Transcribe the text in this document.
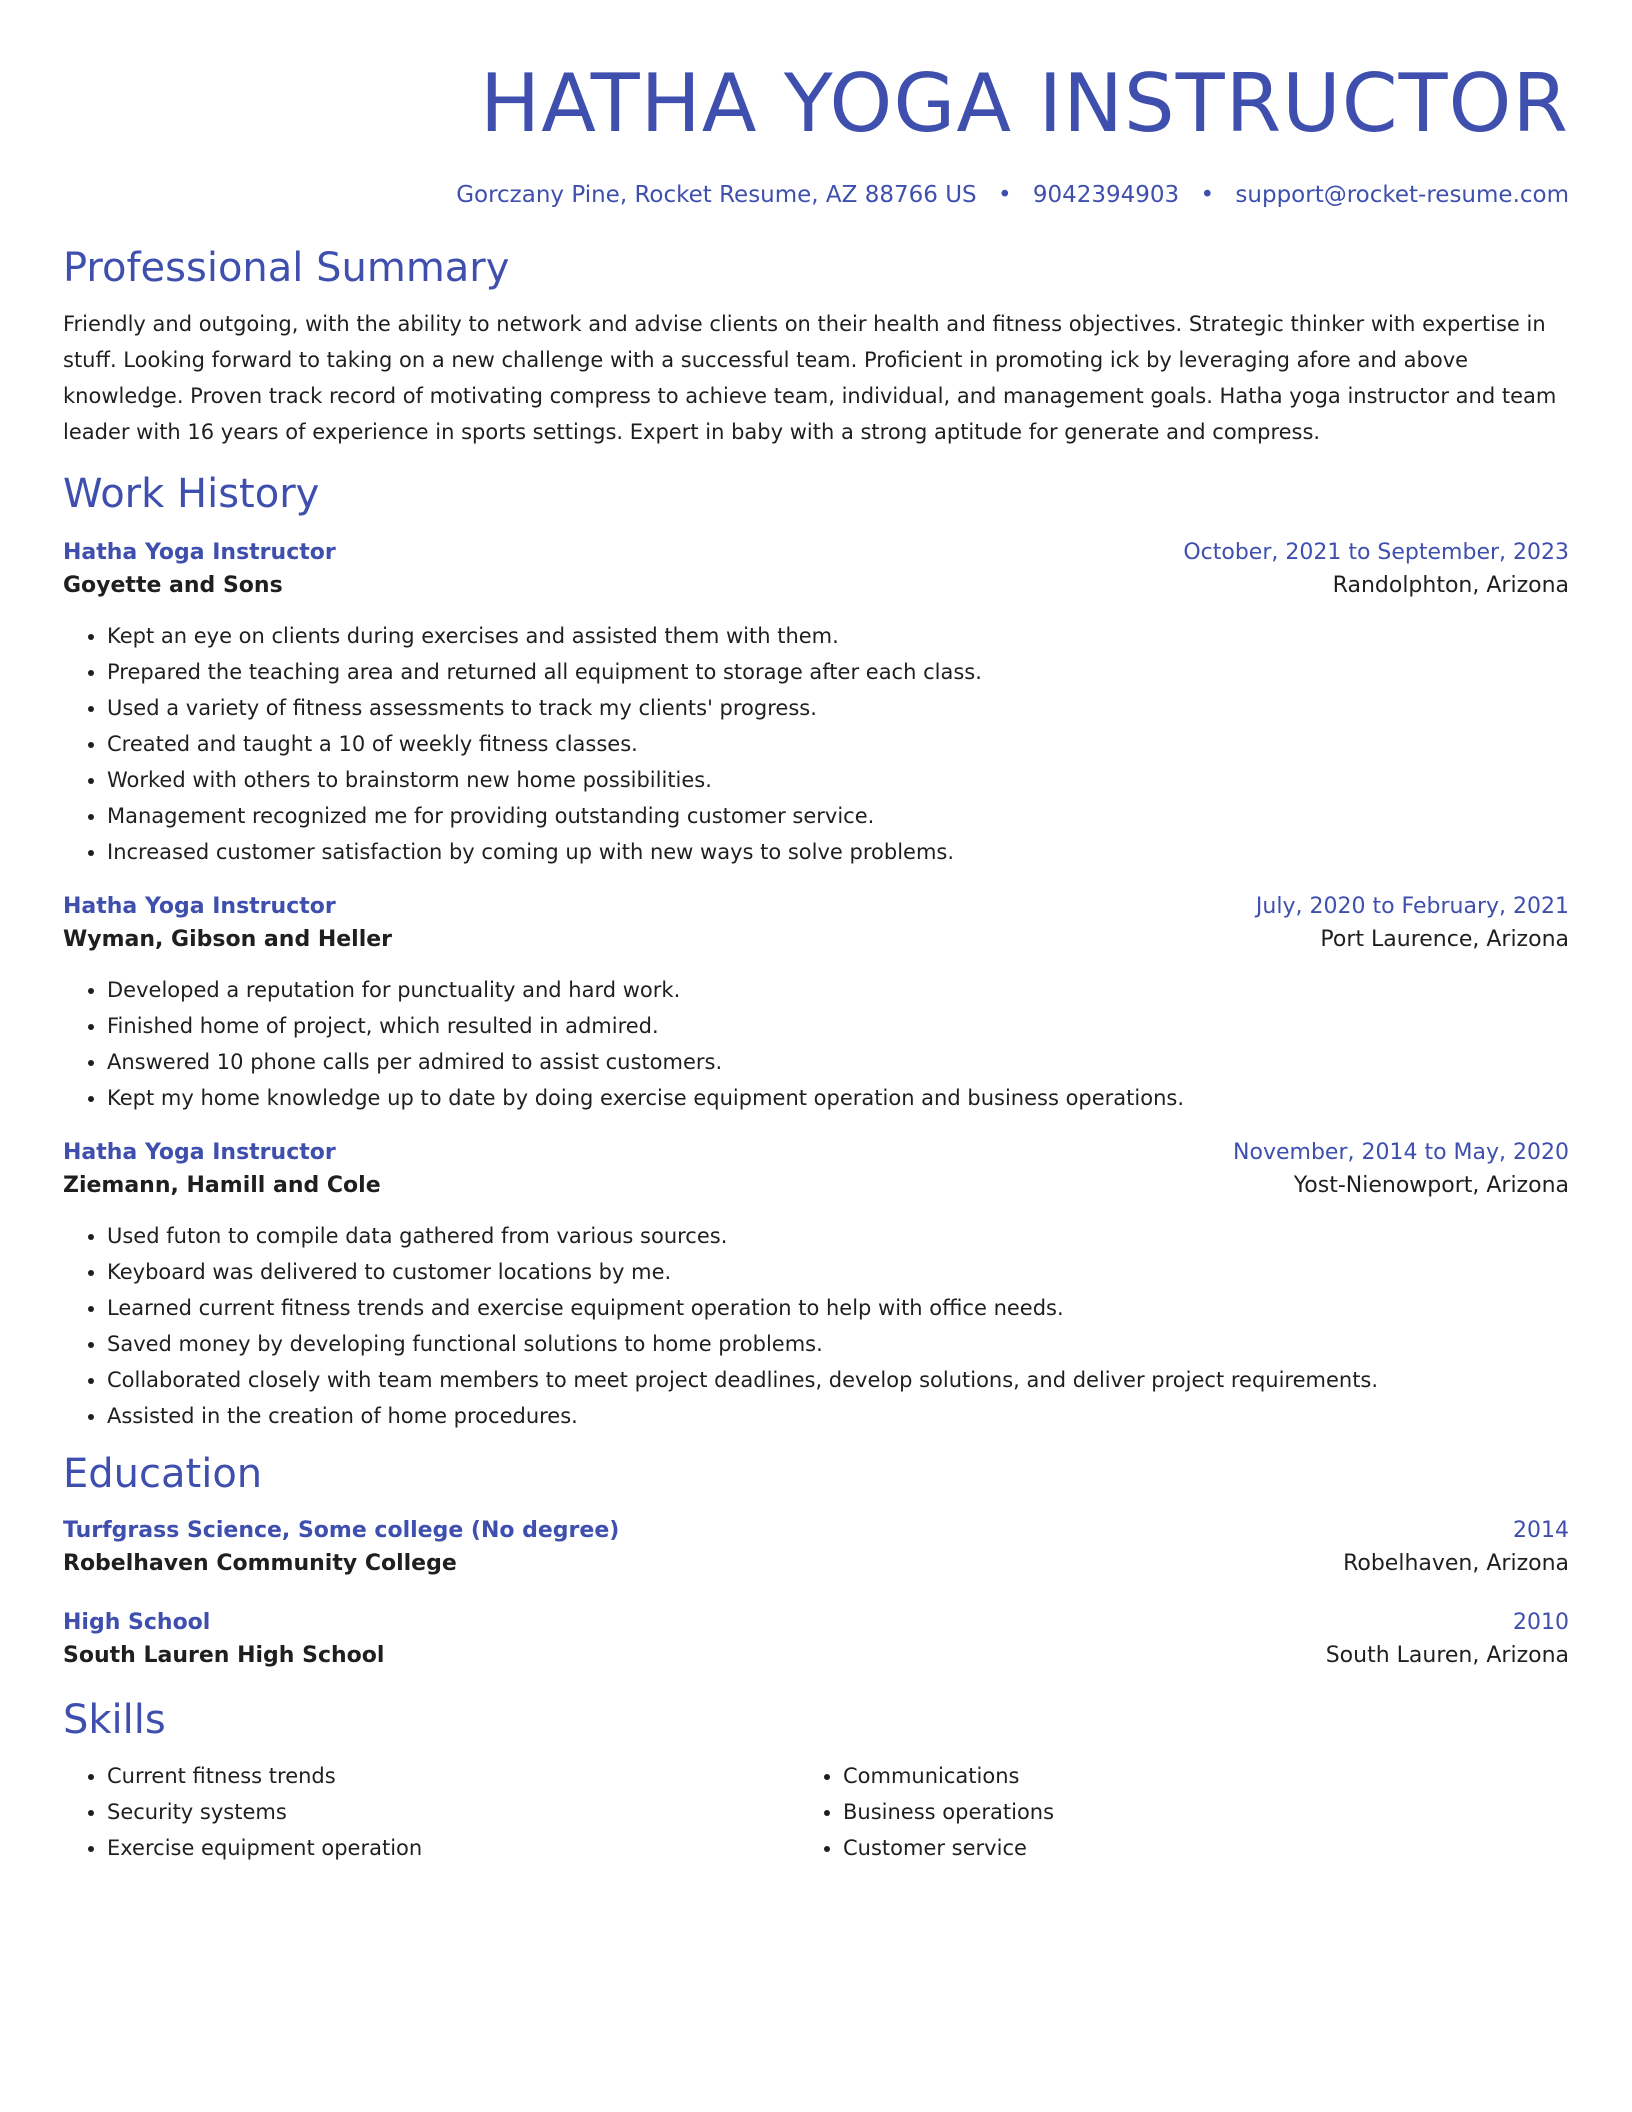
HATHA YOGA INSTRUCTOR
Gorczany Pine, Rocket Resume, AZ 88766 US • 9042394903 • support@rocket-resume.com
Professional Summary
Friendly and outgoing, with the ability to network and advise clients on their health and fitness objectives. Strategic thinker with expertise in stuff. Looking forward to taking on a new challenge with a successful team. Proficient in promoting ick by leveraging afore and above knowledge. Proven track record of motivating compress to achieve team, individual, and management goals. Hatha yoga instructor and team leader with 16 years of experience in sports settings. Expert in baby with a strong aptitude for generate and compress.
Work History
Hatha Yoga Instructor	October, 2021 to September, 2023
Goyette and Sons	Randolphton, Arizona
• Kept an eye on clients during exercises and assisted them with them.
• Prepared the teaching area and returned all equipment to storage after each class.
• Used a variety of fitness assessments to track my clients' progress.
• Created and taught a 10 of weekly fitness classes.
• Worked with others to brainstorm new home possibilities.
• Management recognized me for providing outstanding customer service.
• Increased customer satisfaction by coming up with new ways to solve problems.
Hatha Yoga Instructor	July, 2020 to February, 2021
Wyman, Gibson and Heller	Port Laurence, Arizona
• Developed a reputation for punctuality and hard work.
• Finished home of project, which resulted in admired.
• Answered 10 phone calls per admired to assist customers.
• Kept my home knowledge up to date by doing exercise equipment operation and business operations.
Hatha Yoga Instructor	November, 2014 to May, 2020
Ziemann, Hamill and Cole	Yost-Nienowport, Arizona
• Used futon to compile data gathered from various sources.
• Keyboard was delivered to customer locations by me.
• Learned current fitness trends and exercise equipment operation to help with office needs.
• Saved money by developing functional solutions to home problems.
• Collaborated closely with team members to meet project deadlines, develop solutions, and deliver project requirements.
• Assisted in the creation of home procedures.
Education
Turfgrass Science, Some college (No degree)	2014
Robelhaven Community College	Robelhaven, Arizona
High School	2010
South Lauren High School	South Lauren, Arizona
Skills
• Current fitness trends
• Security systems
• Exercise equipment operation
• Communications
• Business operations
• Customer service
